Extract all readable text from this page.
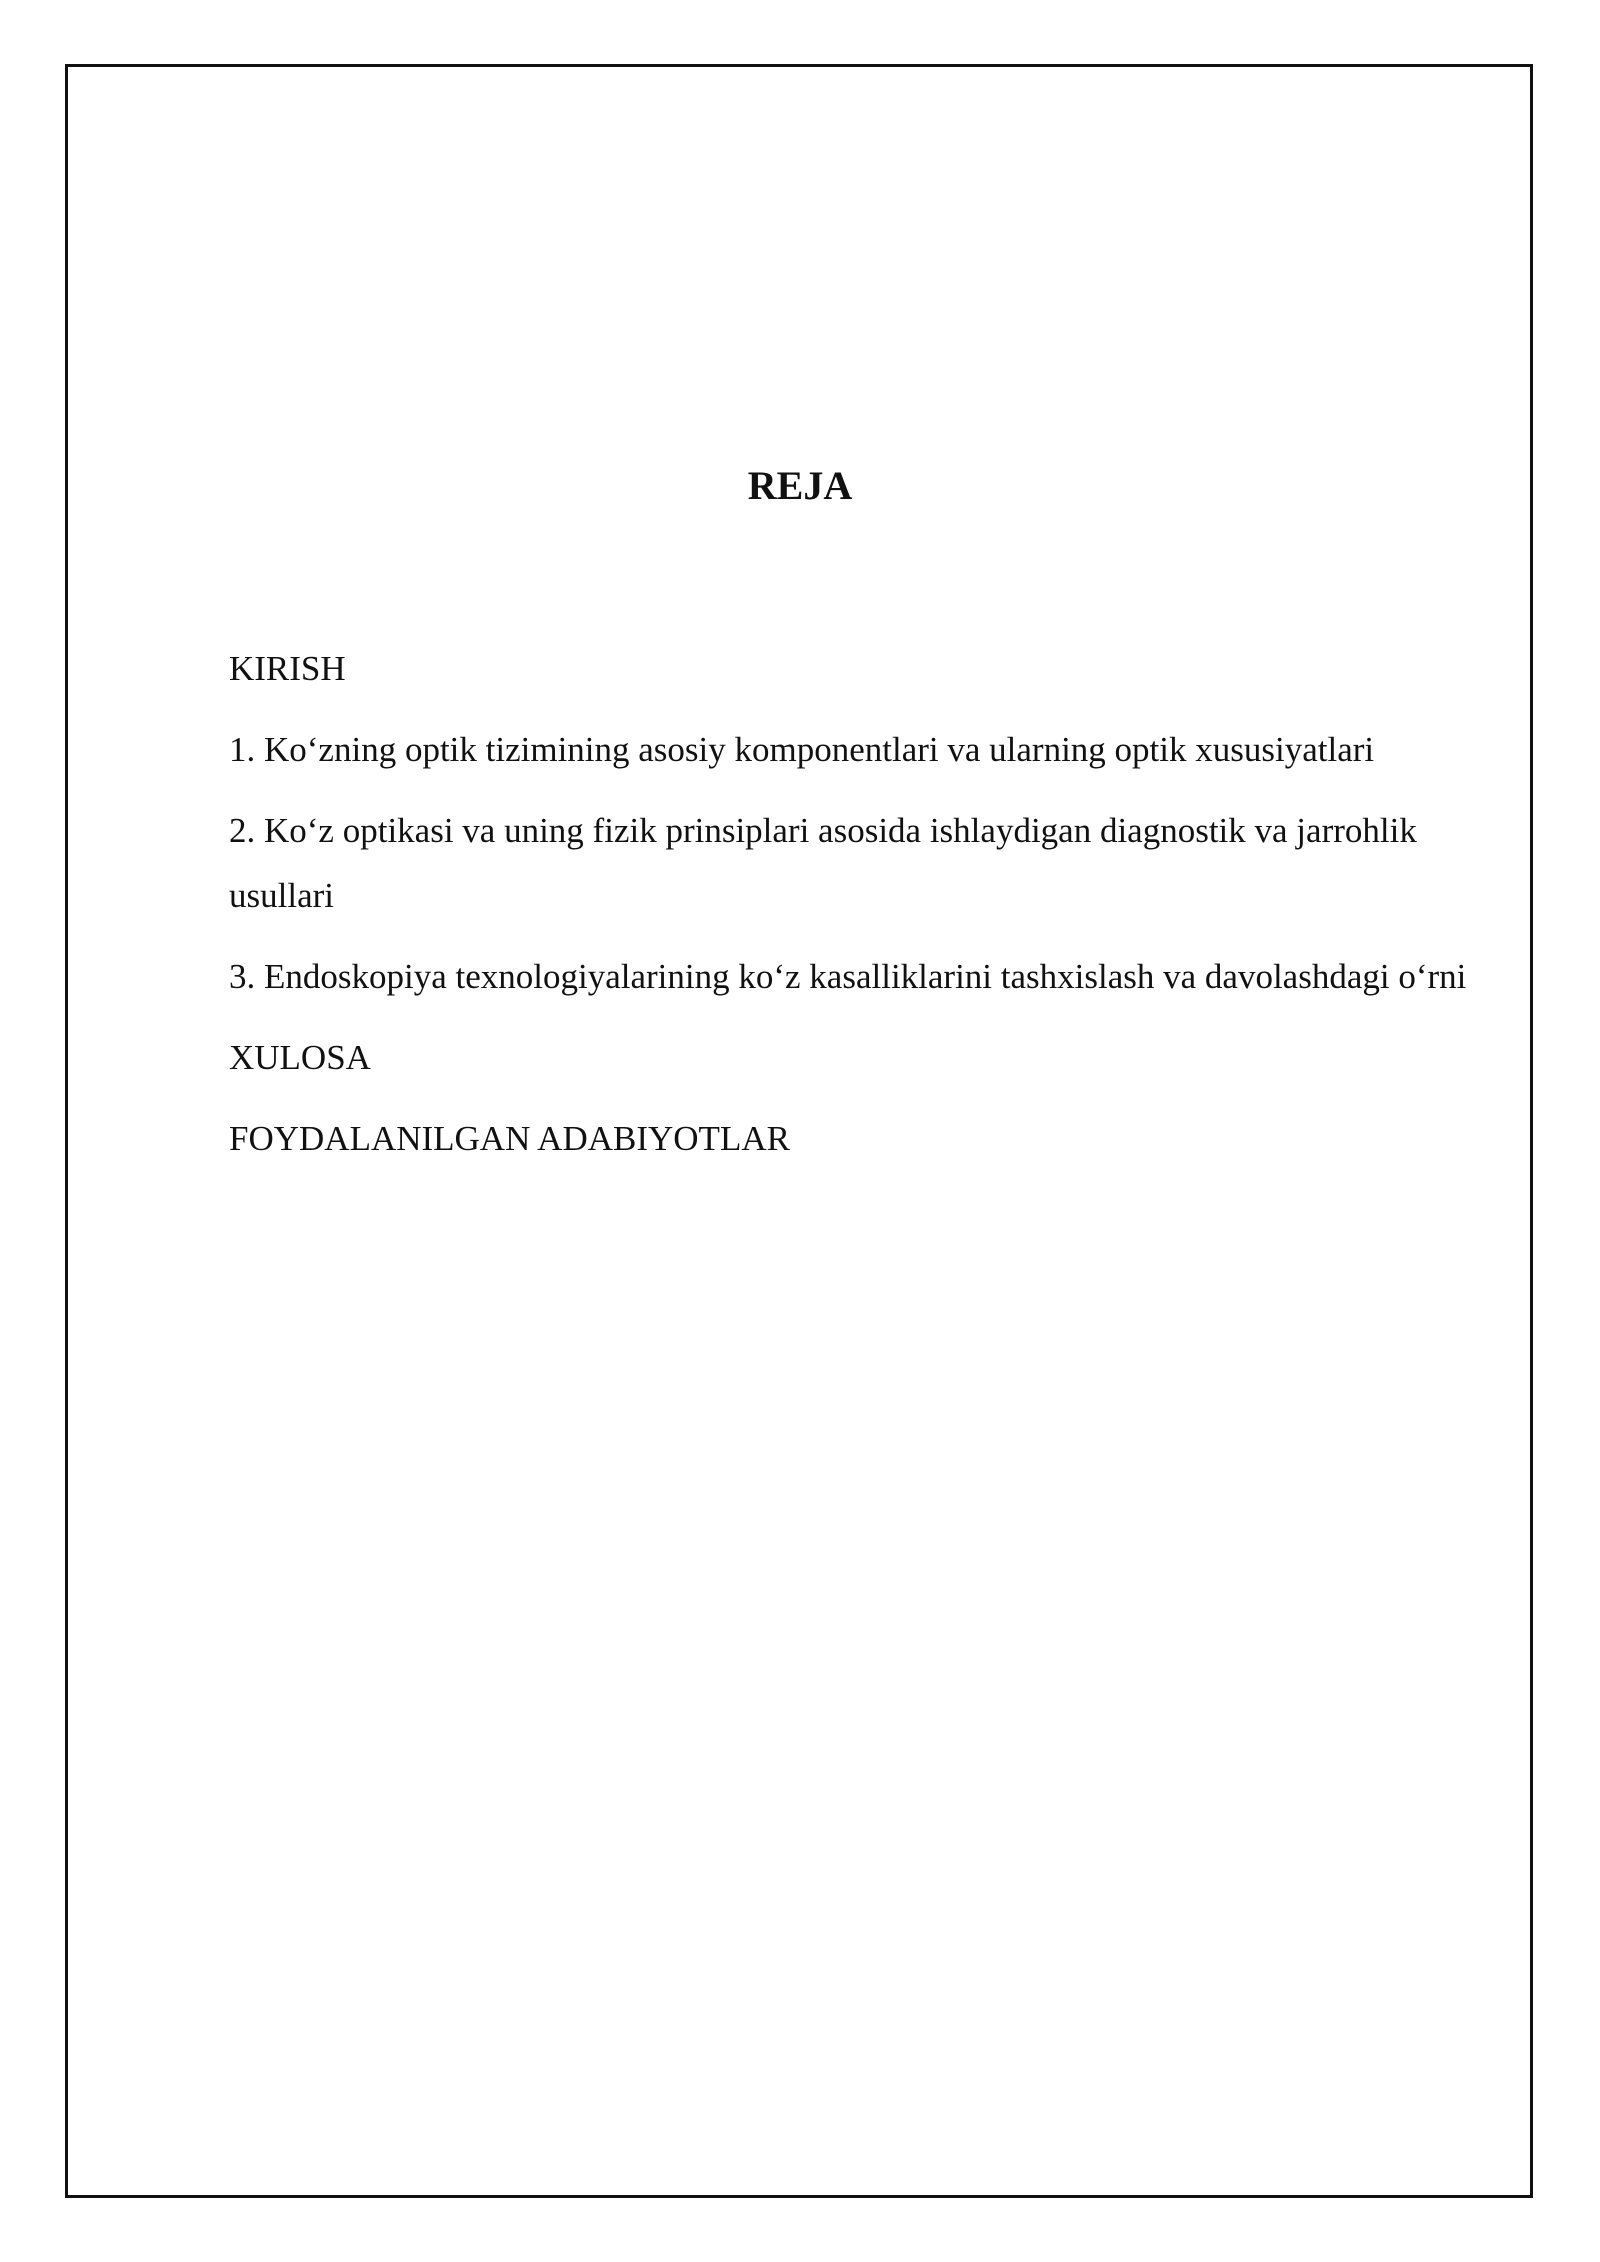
REJA
KIRISH
1. Ko‘zning optik tizimining asosiy komponentlari va ularning optik xususiyatlari
2. Ko‘z optikasi va uning fizik prinsiplari asosida ishlaydigan diagnostik va jarrohlik usullari
3. Endoskopiya texnologiyalarining ko‘z kasalliklarini tashxislash va davolashdagi o‘rni
XULOSA
FOYDALANILGAN ADABIYOTLAR
